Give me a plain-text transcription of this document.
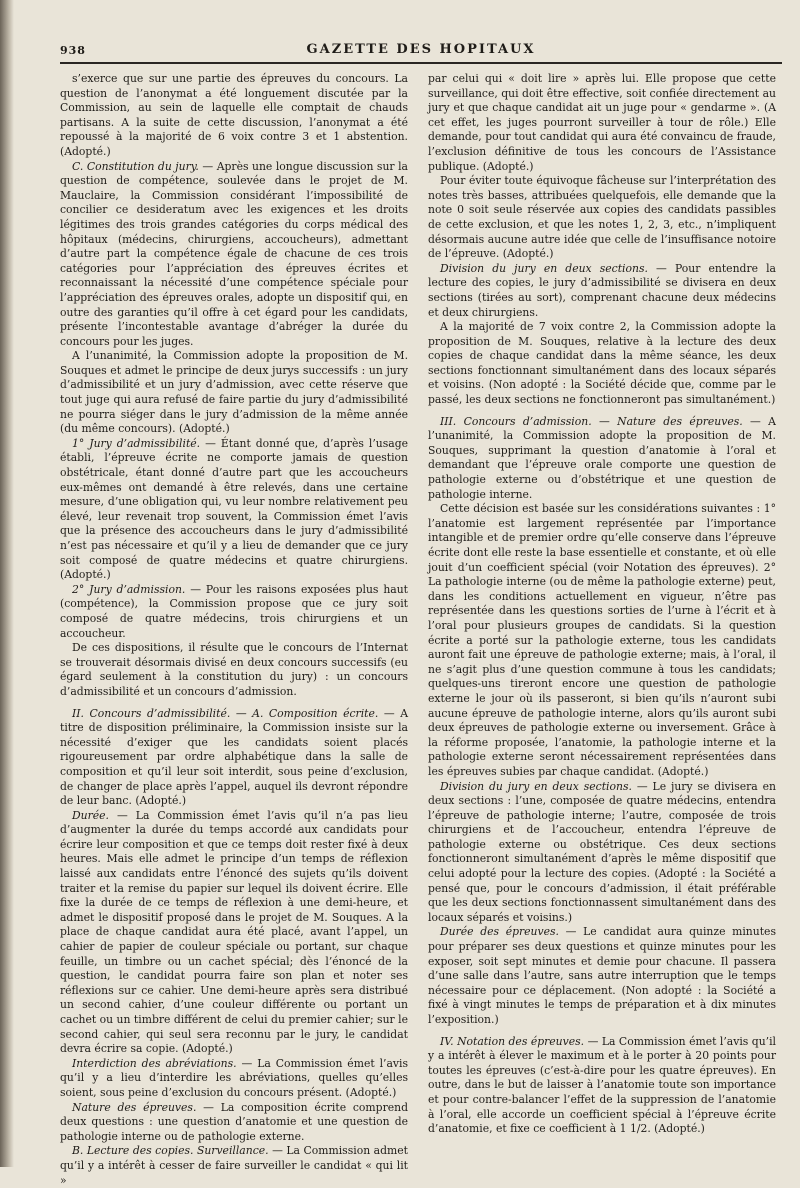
938	GAZETTE DES HOPITAUX

s’exerce que sur une partie des épreuves du concours. La question de l’anonymat a été longuement discutée par la Commission, au sein de laquelle elle comptait de chauds partisans. A la suite de cette discussion, l’anonymat a été repoussé à la majorité de 6 voix contre 3 et 1 abstention. (Adopté.)

C. Constitution du jury. — Après une longue discussion sur la question de compétence, soulevée dans le projet de M. Mauclaire, la Commission considérant l’impossibilité de concilier ce desideratum avec les exigences et les droits légitimes des trois grandes catégories du corps médical des hôpitaux (médecins, chirurgiens, accoucheurs), admettant d’autre part la compétence égale de chacune de ces trois catégories pour l’appréciation des épreuves écrites et reconnaissant la nécessité d’une compétence spéciale pour l’appréciation des épreuves orales, adopte un dispositif qui, en outre des garanties qu’il offre à cet égard pour les candidats, présente l’incontestable avantage d’abréger la durée du concours pour les juges.

A l’unanimité, la Commission adopte la proposition de M. Souques et admet le principe de deux jurys successifs : un jury d’admissibilité et un jury d’admission, avec cette réserve que tout juge qui aura refusé de faire partie du jury d’admissibilité ne pourra siéger dans le jury d’admission de la même année (du même concours). (Adopté.)

1° Jury d’admissibilité. — Étant donné que, d’après l’usage établi, l’épreuve écrite ne comporte jamais de question obstétricale, étant donné d’autre part que les accoucheurs eux-mêmes ont demandé à être relevés, dans une certaine mesure, d’une obligation qui, vu leur nombre relativement peu élevé, leur revenait trop souvent, la Commission émet l’avis que la présence des accoucheurs dans le jury d’admissibilité n’est pas nécessaire et qu’il y a lieu de demander que ce jury soit composé de quatre médecins et quatre chirurgiens. (Adopté.)

2° Jury d’admission. — Pour les raisons exposées plus haut (compétence), la Commission propose que ce jury soit composé de quatre médecins, trois chirurgiens et un accoucheur.

De ces dispositions, il résulte que le concours de l’Internat se trouverait désormais divisé en deux concours successifs (eu égard seulement à la constitution du jury) : un concours d’admissibilité et un concours d’admission.

II. Concours d’admissibilité. — A. Composition écrite. — A titre de disposition préliminaire, la Commission insiste sur la nécessité d’exiger que les candidats soient placés rigoureusement par ordre alphabétique dans la salle de composition et qu’il leur soit interdit, sous peine d’exclusion, de changer de place après l’appel, auquel ils devront répondre de leur banc. (Adopté.)

Durée. — La Commission émet l’avis qu’il n’a pas lieu d’augmenter la durée du temps accordé aux candidats pour écrire leur composition et que ce temps doit rester fixé à deux heures. Mais elle admet le principe d’un temps de réflexion laissé aux candidats entre l’énoncé des sujets qu’ils doivent traiter et la remise du papier sur lequel ils doivent écrire. Elle fixe la durée de ce temps de réflexion à une demi-heure, et admet le dispositif proposé dans le projet de M. Souques. A la place de chaque candidat aura été placé, avant l’appel, un cahier de papier de couleur spéciale ou portant, sur chaque feuille, un timbre ou un cachet spécial; dès l’énoncé de la question, le candidat pourra faire son plan et noter ses réflexions sur ce cahier. Une demi-heure après sera distribué un second cahier, d’une couleur différente ou portant un cachet ou un timbre différent de celui du premier cahier; sur le second cahier, qui seul sera reconnu par le jury, le candidat devra écrire sa copie. (Adopté.)

Interdiction des abréviations. — La Commission émet l’avis qu’il y a lieu d’interdire les abréviations, quelles qu’elles soient, sous peine d’exclusion du concours présent. (Adopté.)

Nature des épreuves. — La composition écrite comprend deux questions : une question d’anatomie et une question de pathologie interne ou de pathologie externe.

B. Lecture des copies. Surveillance. — La Commission admet qu’il y a intérêt à cesser de faire surveiller le candidat « qui lit »

par celui qui « doit lire » après lui. Elle propose que cette surveillance, qui doit être effective, soit confiée directement au jury et que chaque candidat ait un juge pour « gendarme ». (A cet effet, les juges pourront surveiller à tour de rôle.) Elle demande, pour tout candidat qui aura été convaincu de fraude, l’exclusion définitive de tous les concours de l’Assistance publique. (Adopté.)

Pour éviter toute équivoque fâcheuse sur l’interprétation des notes très basses, attribuées quelquefois, elle demande que la note 0 soit seule réservée aux copies des candidats passibles de cette exclusion, et que les notes 1, 2, 3, etc., n’impliquent désormais aucune autre idée que celle de l’insuffisance notoire de l’épreuve. (Adopté.)

Division du jury en deux sections. — Pour entendre la lecture des copies, le jury d’admissibilité se divisera en deux sections (tirées au sort), comprenant chacune deux médecins et deux chirurgiens.

A la majorité de 7 voix contre 2, la Commission adopte la proposition de M. Souques, relative à la lecture des deux copies de chaque candidat dans la même séance, les deux sections fonctionnant simultanément dans des locaux séparés et voisins. (Non adopté : la Société décide que, comme par le passé, les deux sections ne fonctionneront pas simultanément.)

III. Concours d’admission. — Nature des épreuves. — A l’unanimité, la Commission adopte la proposition de M. Souques, supprimant la question d’anatomie à l’oral et demandant que l’épreuve orale comporte une question de pathologie externe ou d’obstétrique et une question de pathologie interne.

Cette décision est basée sur les considérations suivantes : 1° l’anatomie est largement représentée par l’importance intangible et de premier ordre qu’elle conserve dans l’épreuve écrite dont elle reste la base essentielle et constante, et où elle jouit d’un coefficient spécial (voir Notation des épreuves). 2° La pathologie interne (ou de même la pathologie externe) peut, dans les conditions actuellement en vigueur, n’être pas représentée dans les questions sorties de l’urne à l’écrit et à l’oral pour plusieurs groupes de candidats. Si la question écrite a porté sur la pathologie externe, tous les candidats auront fait une épreuve de pathologie externe; mais, à l’oral, il ne s’agit plus d’une question commune à tous les candidats; quelques-uns tireront encore une question de pathologie externe le jour où ils passeront, si bien qu’ils n’auront subi aucune épreuve de pathologie interne, alors qu’ils auront subi deux épreuves de pathologie externe ou inversement. Grâce à la réforme proposée, l’anatomie, la pathologie interne et la pathologie externe seront nécessairement représentées dans les épreuves subies par chaque candidat. (Adopté.)

Division du jury en deux sections. — Le jury se divisera en deux sections : l’une, composée de quatre médecins, entendra l’épreuve de pathologie interne; l’autre, composée de trois chirurgiens et de l’accoucheur, entendra l’épreuve de pathologie externe ou obstétrique. Ces deux sections fonctionneront simultanément d’après le même dispositif que celui adopté pour la lecture des copies. (Adopté : la Société a pensé que, pour le concours d’admission, il était préférable que les deux sections fonctionnassent simultanément dans des locaux séparés et voisins.)

Durée des épreuves. — Le candidat aura quinze minutes pour préparer ses deux questions et quinze minutes pour les exposer, soit sept minutes et demie pour chacune. Il passera d’une salle dans l’autre, sans autre interruption que le temps nécessaire pour ce déplacement. (Non adopté : la Société a fixé à vingt minutes le temps de préparation et à dix minutes l’exposition.)

IV. Notation des épreuves. — La Commission émet l’avis qu’il y a intérêt à élever le maximum et à le porter à 20 points pour toutes les épreuves (c’est-à-dire pour les quatre épreuves). En outre, dans le but de laisser à l’anatomie toute son importance et pour contre-balancer l’effet de la suppression de l’anatomie à l’oral, elle accorde un coefficient spécial à l’épreuve écrite d’anatomie, et fixe ce coefficient à 1 1/2. (Adopté.)
